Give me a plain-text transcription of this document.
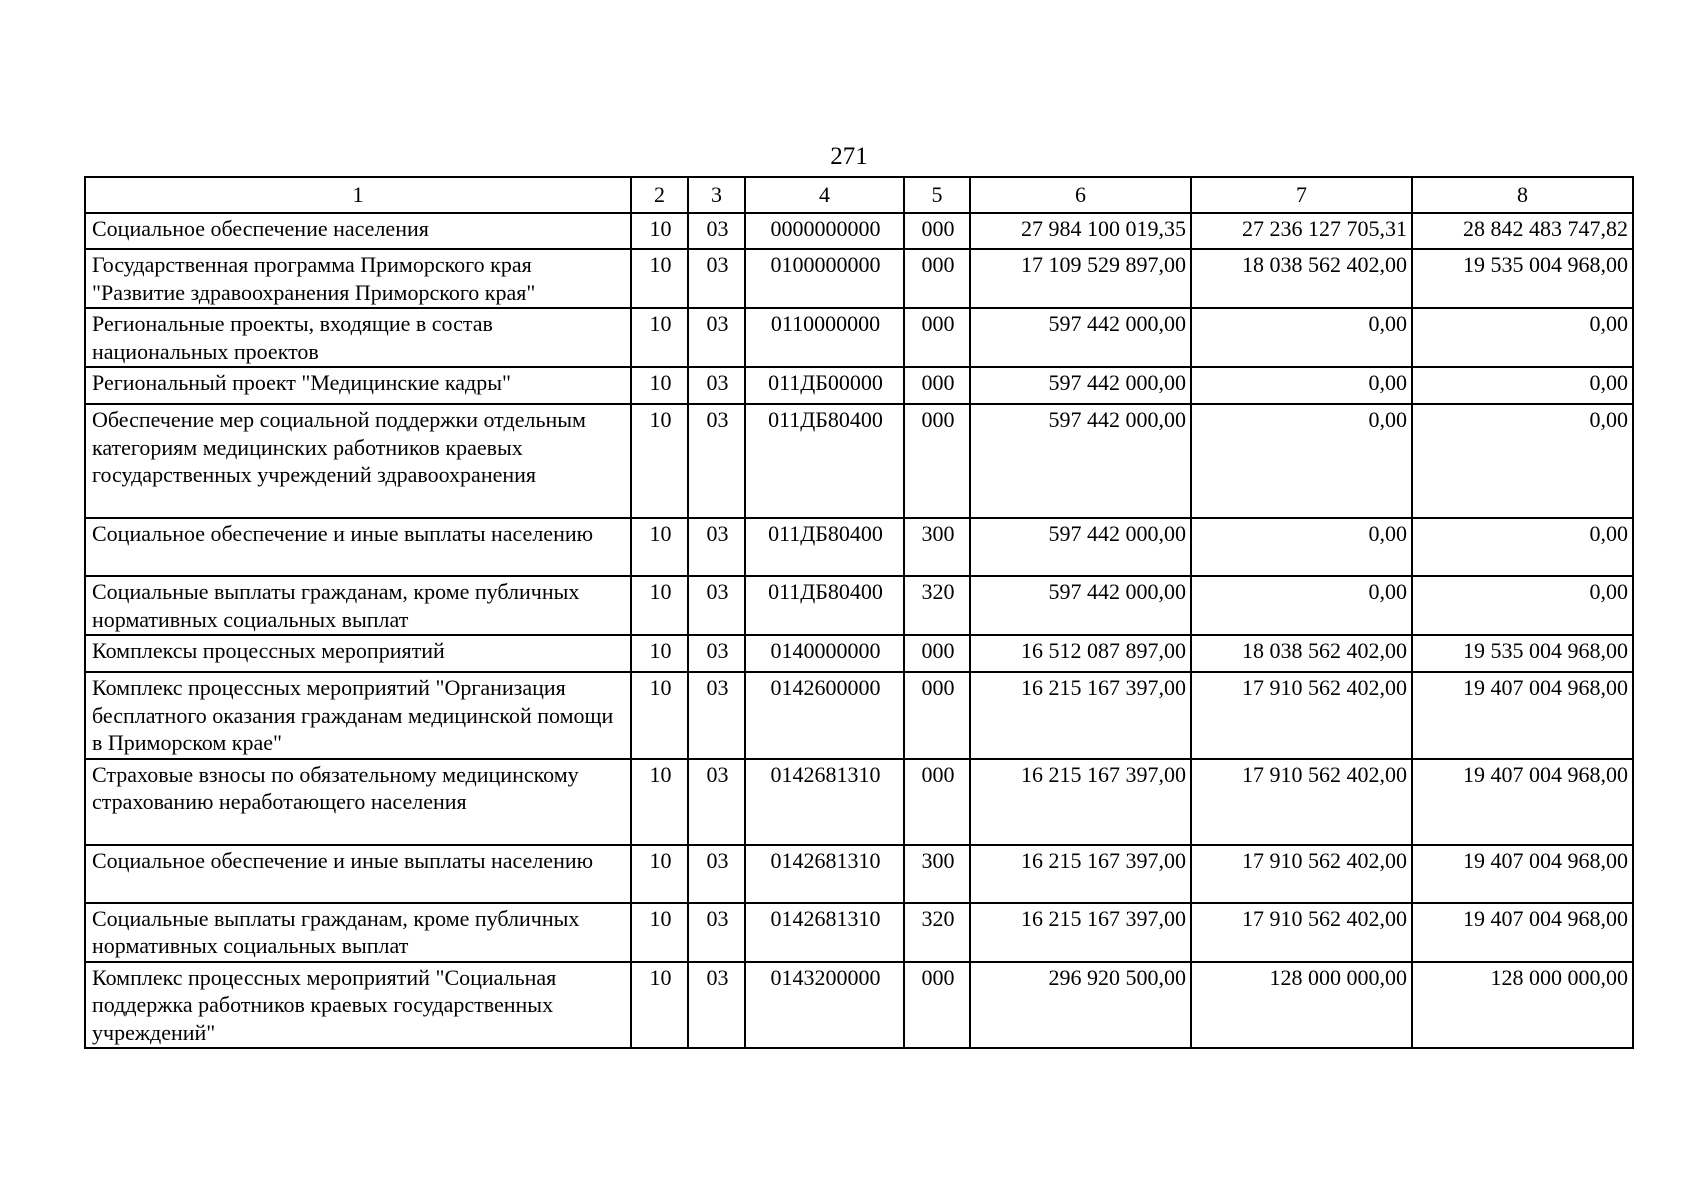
271
1	2	3	4	5	6	7	8
Социальное обеспечение населения	10	03	0000000000	000	27 984 100 019,35	27 236 127 705,31	28 842 483 747,82
Государственная программа Приморского края "Развитие здравоохранения Приморского края"	10	03	0100000000	000	17 109 529 897,00	18 038 562 402,00	19 535 004 968,00
Региональные проекты, входящие в состав национальных проектов	10	03	0110000000	000	597 442 000,00	0,00	0,00
Региональный проект "Медицинские кадры"	10	03	011ДБ00000	000	597 442 000,00	0,00	0,00
Обеспечение мер социальной поддержки отдельным категориям медицинских работников краевых государственных учреждений здравоохранения	10	03	011ДБ80400	000	597 442 000,00	0,00	0,00
Социальное обеспечение и иные выплаты населению	10	03	011ДБ80400	300	597 442 000,00	0,00	0,00
Социальные выплаты гражданам, кроме публичных нормативных социальных выплат	10	03	011ДБ80400	320	597 442 000,00	0,00	0,00
Комплексы процессных мероприятий	10	03	0140000000	000	16 512 087 897,00	18 038 562 402,00	19 535 004 968,00
Комплекс процессных мероприятий "Организация бесплатного оказания гражданам медицинской помощи в Приморском крае"	10	03	0142600000	000	16 215 167 397,00	17 910 562 402,00	19 407 004 968,00
Страховые взносы по обязательному медицинскому страхованию неработающего населения	10	03	0142681310	000	16 215 167 397,00	17 910 562 402,00	19 407 004 968,00
Социальное обеспечение и иные выплаты населению	10	03	0142681310	300	16 215 167 397,00	17 910 562 402,00	19 407 004 968,00
Социальные выплаты гражданам, кроме публичных нормативных социальных выплат	10	03	0142681310	320	16 215 167 397,00	17 910 562 402,00	19 407 004 968,00
Комплекс процессных мероприятий "Социальная поддержка работников краевых государственных учреждений"	10	03	0143200000	000	296 920 500,00	128 000 000,00	128 000 000,00
